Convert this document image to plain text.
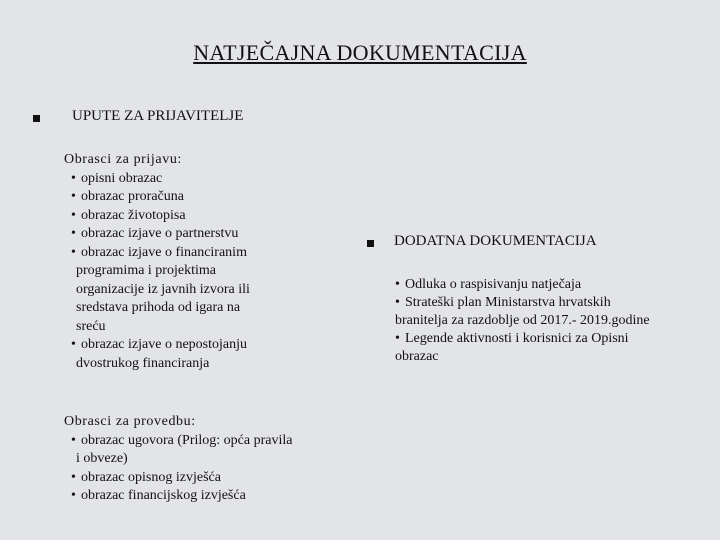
NATJEČAJNA DOKUMENTACIJA
UPUTE ZA PRIJAVITELJE
Obrasci za prijavu:
• opisni obrazac
• obrazac proračuna
• obrazac životopisa
• obrazac izjave o partnerstvu
• obrazac izjave o financiranim
programima i projektima
organizacije iz javnih izvora ili
sredstava prihoda od igara na
sreću
• obrazac izjave o nepostojanju
dvostrukog financiranja
Obrasci za provedbu:
• obrazac ugovora (Prilog: opća pravila
i obveze)
• obrazac opisnog izvješća
• obrazac financijskog izvješća
DODATNA DOKUMENTACIJA
• Odluka o raspisivanju natječaja
• Strateški plan Ministarstva hrvatskih
branitelja za razdoblje od 2017.- 2019.godine
• Legende aktivnosti i korisnici za Opisni
obrazac
